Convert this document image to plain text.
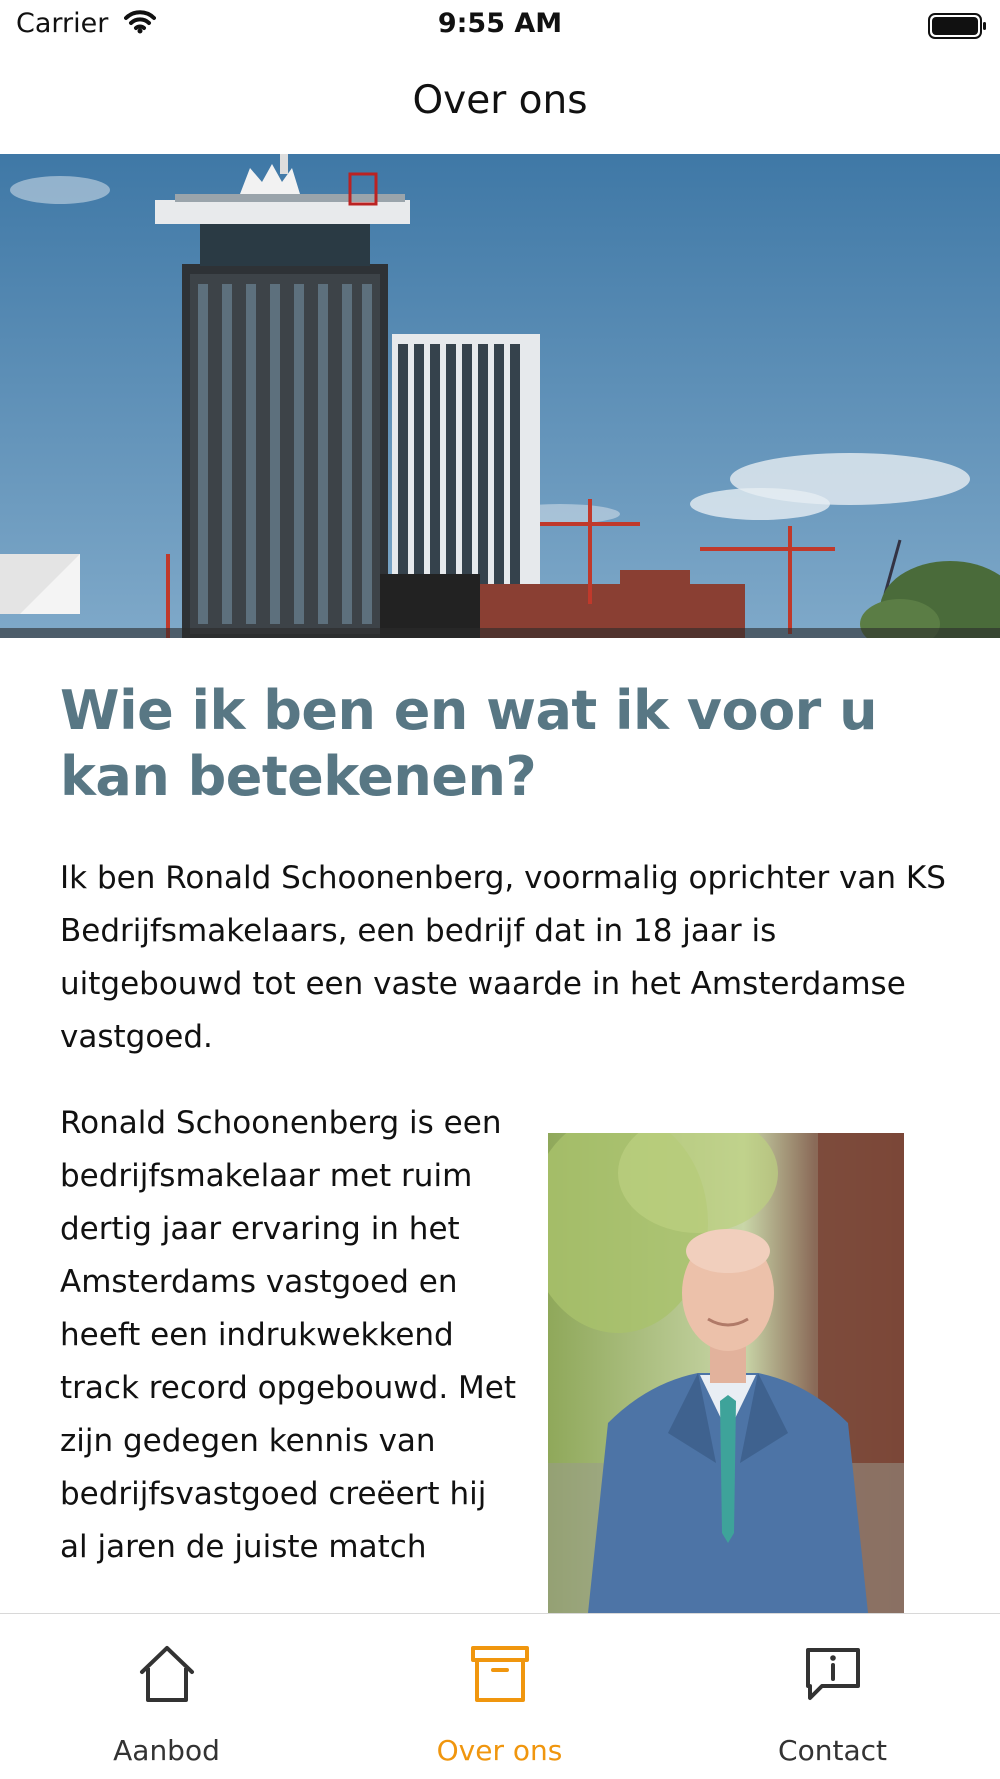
Carrier	9:55 AM
Over ons
Wie ik ben en wat ik voor u kan betekenen?

Ik ben Ronald Schoonenberg, voormalig oprichter van KS Bedrijfsmakelaars, een bedrijf dat in 18 jaar is uitgebouwd tot een vaste waarde in het Amsterdamse vastgoed.

Ronald Schoonenberg is een bedrijfsmakelaar met ruim dertig jaar ervaring in het Amsterdams vastgoed en heeft een indrukwekkend track record opgebouwd. Met zijn gedegen kennis van bedrijfsvastgoed creëert hij al jaren de juiste match

Aanbod	Over ons	Contact
